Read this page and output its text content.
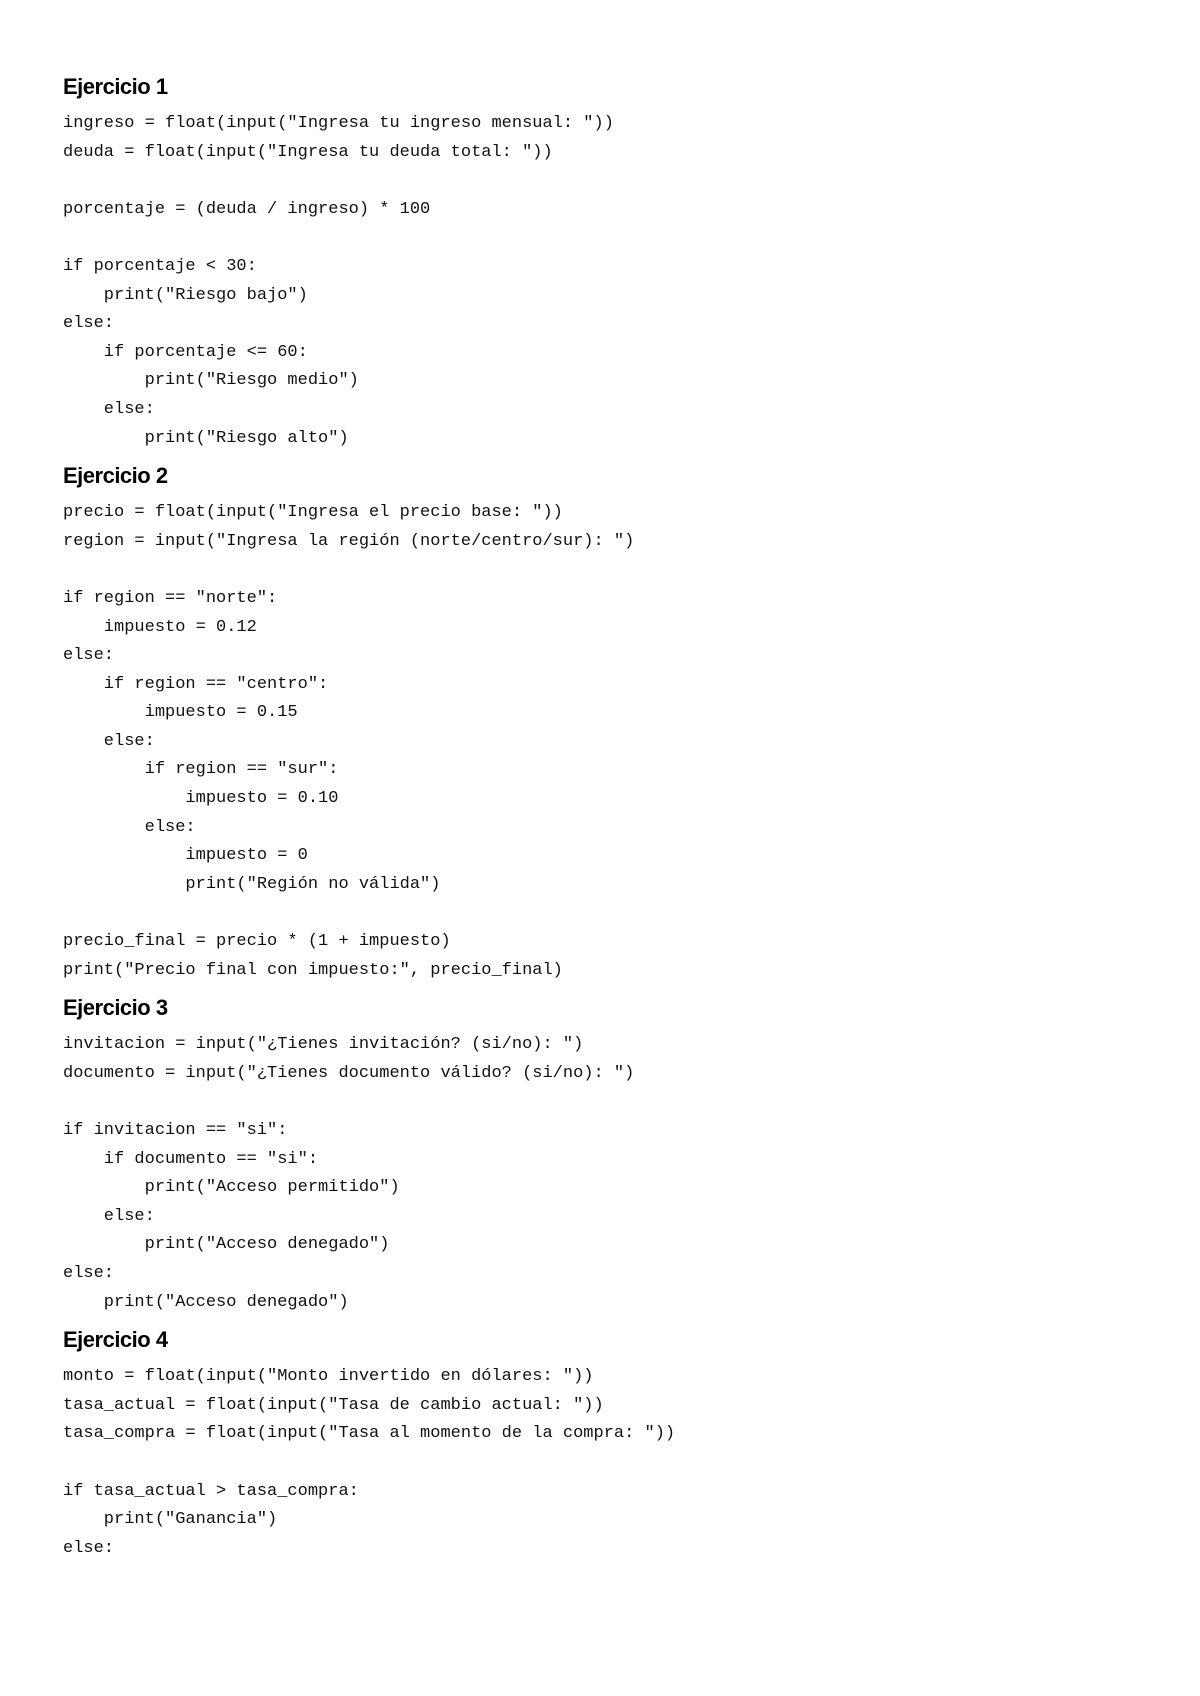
Ejercicio 1
ingreso = float(input("Ingresa tu ingreso mensual: "))
deuda = float(input("Ingresa tu deuda total: "))
porcentaje = (deuda / ingreso) * 100
if porcentaje < 30:
print("Riesgo bajo")
else:
if porcentaje <= 60:
print("Riesgo medio")
else:
print("Riesgo alto")
Ejercicio 2
precio = float(input("Ingresa el precio base: "))
region = input("Ingresa la región (norte/centro/sur): ")
if region == "norte":
impuesto = 0.12
else:
if region == "centro":
impuesto = 0.15
else:
if region == "sur":
impuesto = 0.10
else:
impuesto = 0
print("Región no válida")
precio_final = precio * (1 + impuesto)
print("Precio final con impuesto:", precio_final)
Ejercicio 3
invitacion = input("¿Tienes invitación? (si/no): ")
documento = input("¿Tienes documento válido? (si/no): ")
if invitacion == "si":
if documento == "si":
print("Acceso permitido")
else:
print("Acceso denegado")
else:
print("Acceso denegado")
Ejercicio 4
monto = float(input("Monto invertido en dólares: "))
tasa_actual = float(input("Tasa de cambio actual: "))
tasa_compra = float(input("Tasa al momento de la compra: "))
if tasa_actual > tasa_compra:
print("Ganancia")
else:
